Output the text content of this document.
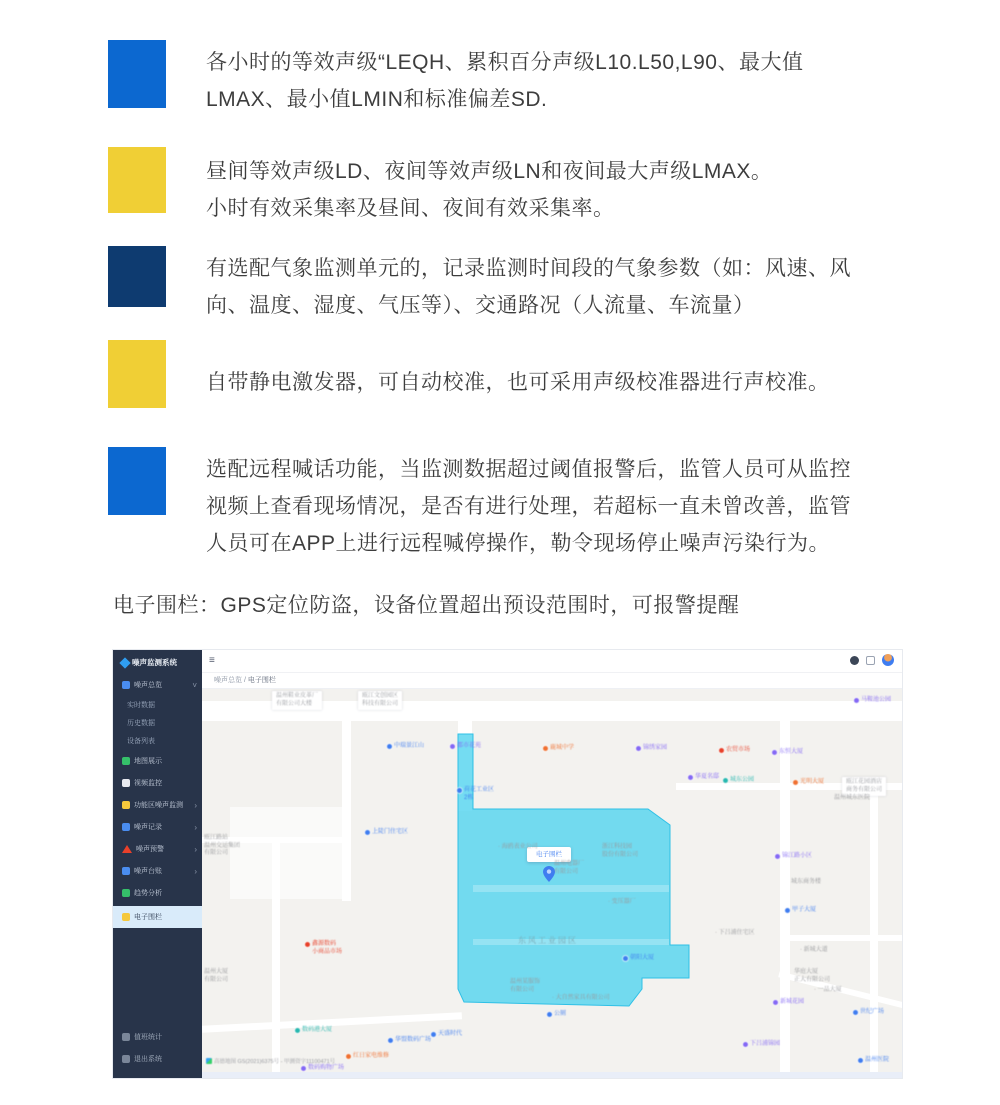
各小时的等效声级“LEQH、累积百分声级L10.L50,L90、最大值
LMAX、最小值LMIN和标准偏差SD.
昼间等效声级LD、夜间等效声级LN和夜间最大声级LMAX。
小时有效采集率及昼间、夜间有效采集率。
有选配气象监测单元的，记录监测时间段的气象参数（如：风速、风
向、温度、湿度、气压等）、交通路况（人流量、车流量）
自带静电激发器，可自动校准，也可采用声级校准器进行声校准。
选配远程喊话功能，当监测数据超过阈值报警后，监管人员可从监控
视频上查看现场情况，是否有进行处理，若超标一直未曾改善，监管
人员可在APP上进行远程喊停操作，勒令现场停止噪声污染行为。
电子围栏：GPS定位防盗，设备位置超出预设范围时，可报警提醒
噪声监测系统
噪声总览	˅
实时数据
历史数据
设备列表
地图展示
视频监控
功能区噪声监测 ›
噪声记录	›
噪声预警	›
噪声台账	›
趋势分析
电子围栏
值班统计
退出系统
≡
噪声总览 / 电子围栏
东风工业园区
电子围栏
高德地图 GS(2021)6375号 - 甲测资字11100471号
温州鞋业皮革厂
有限公司大楼
瓯江文创园区
科技有限公司
瓯江花园酒店
商务有限公司
中瑞景江山	都市花苑	鹿城中学	锦绣家园	农贸市场	东恒大厦
马鞍池公园
华夏名邸 城东公园	光明大厦
荷花工业区
2栋
上陡门住宅区
锦江路小区
甲子大厦
朝阳大厦
鑫源数码
小商品市场
数码港大厦
华盟数码广场
天盛时代
红日家电维修
数码购物广场
新城花园
世纪广场
下吕浦锦园
温州医院
公厕
瓯江路站
温州交运集团
有限公司
· 海鸥表业公司
温州电器厂
有限公司
浙江科技园
股份有限公司
· 变压器厂
· 下吕浦住宅区
· 新城大道
华庭大厦
正大有限公司
温州城东医院
温州大厦
有限公司	温州某服饰
有限公司
· 大自然家具有限公司
· 一品大厦
城东商务楼
